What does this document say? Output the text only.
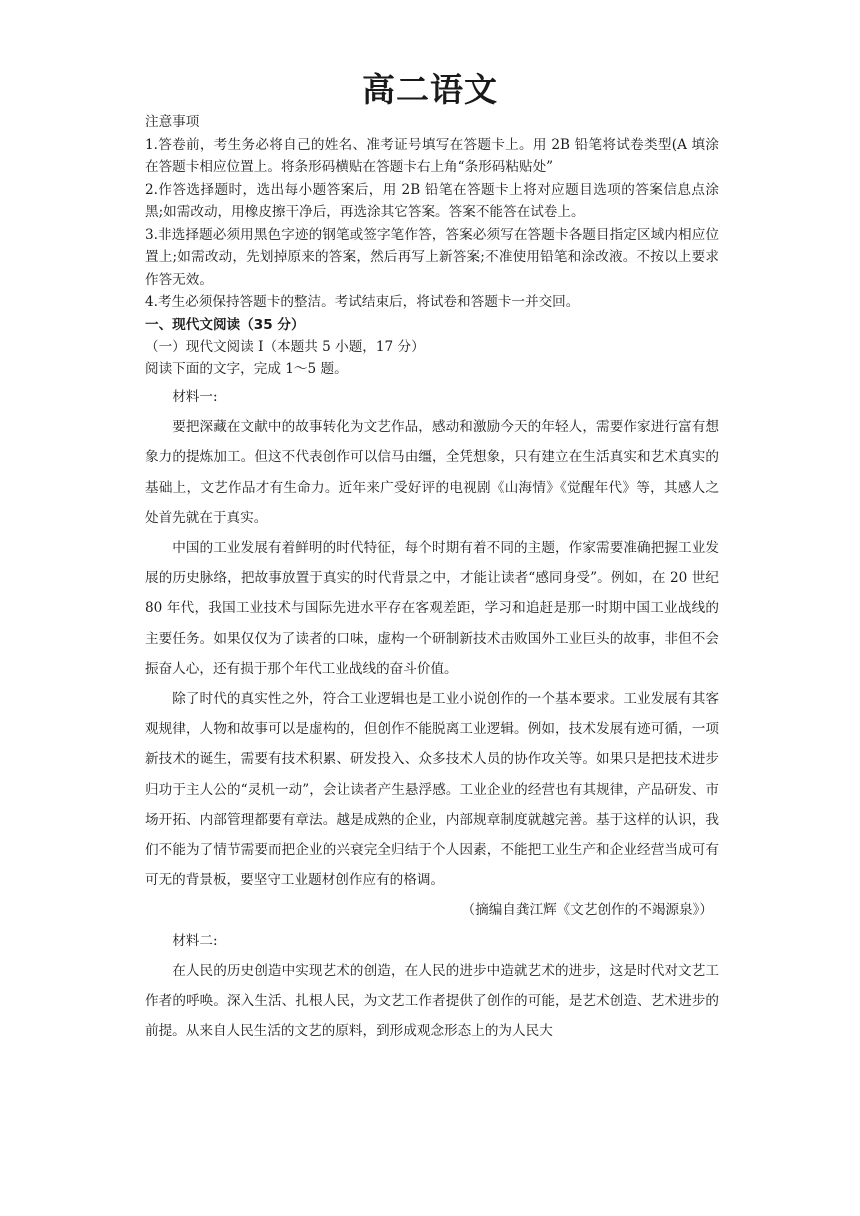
高二语文

注意事项

1.答卷前，考生务必将自己的姓名、准考证号填写在答题卡上。用 2B 铅笔将试卷类型(A 填涂在答题卡相应位置上。将条形码横贴在答题卡右上角“条形码粘贴处”

2.作答选择题时，选出每小题答案后，用 2B 铅笔在答题卡上将对应题目选项的答案信息点涂黑;如需改动，用橡皮擦干净后，再选涂其它答案。答案不能答在试卷上。

3.非选择题必须用黑色字迹的钢笔或签字笔作答，答案必须写在答题卡各题目指定区域内相应位置上;如需改动，先划掉原来的答案，然后再写上新答案;不准使用铅笔和涂改液。不按以上要求作答无效。

4.考生必须保持答题卡的整洁。考试结束后，将试卷和答题卡一并交回。

一、现代文阅读（35 分）
（一）现代文阅读 I（本题共 5 小题，17 分）
阅读下面的文字，完成 1～5 题。

材料一:

要把深藏在文献中的故事转化为文艺作品，感动和激励今天的年轻人，需要作家进行富有想象力的提炼加工。但这不代表创作可以信马由缰，全凭想象，只有建立在生活真实和艺术真实的基础上，文艺作品才有生命力。近年来广受好评的电视剧《山海情》《觉醒年代》等，其感人之处首先就在于真实。

中国的工业发展有着鲜明的时代特征，每个时期有着不同的主题，作家需要准确把握工业发展的历史脉络，把故事放置于真实的时代背景之中，才能让读者“感同身受”。例如，在 20 世纪 80 年代，我国工业技术与国际先进水平存在客观差距，学习和追赶是那一时期中国工业战线的主要任务。如果仅仅为了读者的口味，虚构一个研制新技术击败国外工业巨头的故事，非但不会振奋人心，还有损于那个年代工业战线的奋斗价值。

除了时代的真实性之外，符合工业逻辑也是工业小说创作的一个基本要求。工业发展有其客观规律，人物和故事可以是虚构的，但创作不能脱离工业逻辑。例如，技术发展有迹可循，一项新技术的诞生，需要有技术积累、研发投入、众多技术人员的协作攻关等。如果只是把技术进步归功于主人公的“灵机一动”，会让读者产生悬浮感。工业企业的经营也有其规律，产品研发、市场开拓、内部管理都要有章法。越是成熟的企业，内部规章制度就越完善。基于这样的认识，我们不能为了情节需要而把企业的兴衰完全归结于个人因素，不能把工业生产和企业经营当成可有可无的背景板，要坚守工业题材创作应有的格调。

（摘编自龚江辉《文艺创作的不竭源泉》）

材料二:

在人民的历史创造中实现艺术的创造，在人民的进步中造就艺术的进步，这是时代对文艺工作者的呼唤。深入生活、扎根人民，为文艺工作者提供了创作的可能，是艺术创造、艺术进步的前提。从来自人民生活的文艺的原料，到形成观念形态上的为人民大
